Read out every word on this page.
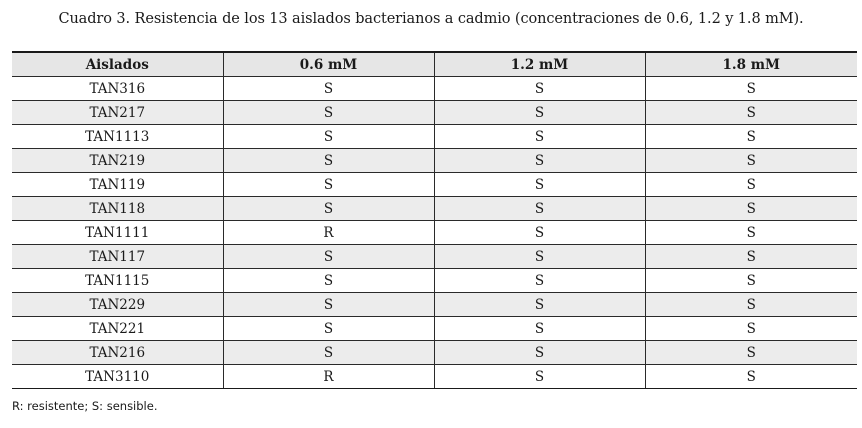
Cuadro 3. Resistencia de los 13 aislados bacterianos a cadmio (concentraciones de 0.6, 1.2 y 1.8 mM).
Aislados	0.6 mM	1.2 mM	1.8 mM
TAN316	S	S	S
TAN217	S	S	S
TAN1113	S	S	S
TAN219	S	S	S
TAN119	S	S	S
TAN118	S	S	S
TAN1111	R	S	S
TAN117	S	S	S
TAN1115	S	S	S
TAN229	S	S	S
TAN221	S	S	S
TAN216	S	S	S
TAN3110	R	S	S
R: resistente; S: sensible.
